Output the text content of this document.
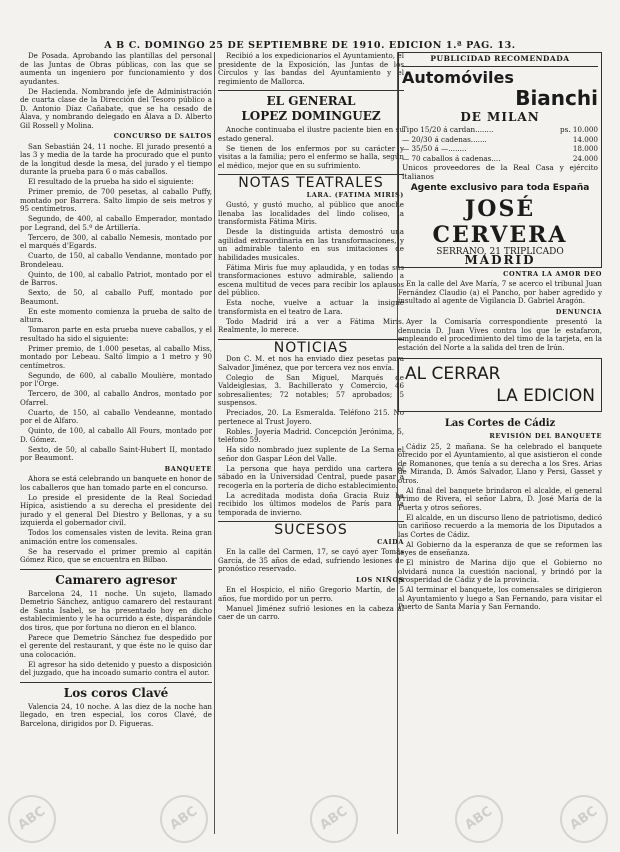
A B C. DOMINGO 25 DE SEPTIEMBRE DE 1910. EDICION 1.ª PAG. 13.

De Posada. Aprobando las plantillas del personal de las Juntas de Obras públicas, con las que se aumenta un ingeniero por funcionamiento y dos ayudantes.

De Hacienda. Nombrando jefe de Administración de cuarta clase de la Dirección del Tesoro público a D. Antonio Díaz Cañabate, que se ha cesado de Álava, y nombrando delegado en Álava a D. Alberto Gil Rossell y Molina.

CONCURSO DE SALTOS

San Sebastián 24, 11 noche. El jurado presentó a las 3 y media de la tarde ha procurado que el punto de la longitud desde la mesa, del jurado y el tiempo durante la prueba para 6 o más caballos.

El resultado de la prueba ha sido el siguiente:

Primer premio, de 700 pesetas, al caballo Puffy, montado por Barrera. Salto limpio de seis metros y 95 centímetros.

Segundo, de 400, al caballo Emperador, montado por Legrand, del 5.º de Artillería.

Tercero, de 300, al caballo Nemesis, montado por el marqués d'Egards.

Cuarto, de 150, al caballo Vendanne, montado por Brondeleau.

Quinto, de 100, al caballo Patriot, montado por el de Barros.

Sexto, de 50, al caballo Puff, montado por Beaumont.

En este momento comienza la prueba de salto de altura.

Tomaron parte en esta prueba nueve caballos, y el resultado ha sido el siguiente:

Primer premio, de 1.000 pesetas, al caballo Miss, montado por Lebeau. Saltó limpio a 1 metro y 90 centímetros.

Segundo, de 600, al caballo Moulière, montado por l'Orge.

Tercero, de 300, al caballo Andros, montado por Ofarrel.

Cuarto, de 150, al caballo Vendeanne, montado por el de Alfaro.

Quinto, de 100, al caballo All Fours, montado por D. Gómez.

Sexto, de 50, al caballo Saint-Hubert II, montado por Beaumont.

BANQUETE

Ahora se está celebrando un banquete en honor de los caballeros que han tomado parte en el concurso.

Lo preside el presidente de la Real Sociedad Hípica, asistiendo a su derecha el presidente del jurado y el general Del Diestro y Bellonas, y a su izquierda el gobernador civil.

Todos los comensales visten de levita. Reina gran animación entre los comensales.

Se ha reservado el primer premio al capitán Gómez Rico, que se encuentra en Bilbao.

Camarero agresor

Barcelona 24, 11 noche. Un sujeto, llamado Demetrio Sánchez, antiguo camarero del restaurant de Santa Isabel, se ha presentado hoy en dicho establecimiento y le ha ocurrido a éste, disparándole dos tiros, que por fortuna no dieron en el blanco.

Parece que Demetrio Sánchez fue despedido por el gerente del restaurant, y que éste no le quiso dar una colocación.

El agresor ha sido detenido y puesto a disposición del juzgado, que ha incoado sumario contra el autor.

Los coros Clavé

Valencia 24, 10 noche. A las diez de la noche han llegado, en tren especial, los coros Clavé, de Barcelona, dirigidos por D. Figueras.

Recibió a los expedicionarios el Ayuntamiento, el presidente de la Exposición, las Juntas de los Círculos y las bandas del Ayuntamiento y el regimiento de Mallorca.

EL GENERAL
LOPEZ DOMINGUEZ

Anoche continuaba el ilustre paciente bien en su estado general.

Se tienen de los enfermos por su carácter y visitas a la familia; pero el enfermo se halla, según el médico, mejor que en su sufrimiento.

NOTAS TEATRALES
LARA. (FATIMA MIRIS)

Gustó, y gustó mucho, al público que anoche llenaba las localidades del lindo coliseo, la transformista Fátima Miris.

Desde la distinguida artista demostró una agilidad extraordinaria en las transformaciones, y un admirable talento en sus imitaciones de habilidades musicales.

Fátima Miris fue muy aplaudida, y en todas sus transformaciones estuvo admirable, saliendo a escena multitud de veces para recibir los aplausos del público.

Esta noche, vuelve a actuar la insigne transformista en el teatro de Lara.

Todo Madrid irá a ver a Fátima Miris. Realmente, lo merece.

NOTICIAS

Don C. M. et nos ha enviado diez pesetas para Salvador Jiménez, que por tercera vez nos envía.

Colegio de San Miguel, Marqués de Valdeiglesias, 3. Bachillerato y Comercio, 46 sobresalientes; 72 notables; 57 aprobados; 5 suspensos.

Preciados, 20. La Esmeralda. Teléfono 215. No pertenece al Trust Joyero.

Robles. Joyería Madrid. Concepción Jerónima, 5, teléfono 59.

Ha sido nombrado juez suplente de La Serna el señor don Gaspar Léon del Valle.

La persona que haya perdido una cartera el sábado en la Universidad Central, puede pasar a recogerla en la portería de dicho establecimiento.

La acreditada modista doña Gracia Ruiz ha recibido los últimos modelos de París para la temporada de invierno.

SUCESOS
CAIDA

En la calle del Carmen, 17, se cayó ayer Tomás García, de 35 años de edad, sufriendo lesiones de pronóstico reservado.

LOS NIÑOS

En el Hospicio, el niño Gregorio Martín, de 5 años, fue mordido por un perro.

Manuel Jiménez sufrió lesiones en la cabeza al caer de un carro.

PUBLICIDAD RECOMENDADA
Automóviles
Bianchi
DE MILAN
Tipo 15/20 á cardan........	ps. 10.000
— 20/30 á cadenas.......	14.000
— 35/50 á —........	18.000
— 70 caballos á cadenas....	24.000

Unicos proveedores de la Real Casa y ejército italianos

Agente exclusivo para toda España
JOSÉ CERVERA
SERRANO, 21 TRIPLICADO
MADRID
CONTRA LA AMOR DEO

En la calle del Ave María, 7 se acerco el tribunal Juan Fernández Claudio (a) el Pancho, por haber agredido y insultado al agente de Vigilancia D. Gabriel Aragón.

DENUNCIA

Ayer la Comisaría correspondiente presentó la denuncia D. Juan Vives contra los que le estafaron, empleando el procedimiento del timo de la tarjeta, en la estación del Norte a la salida del tren de Irún.

AL CERRAR
LA EDICION
Las Cortes de Cádiz
REVISIÓN DEL BANQUETE

Cádiz 25, 2 mañana. Se ha celebrado el banquete ofrecido por el Ayuntamiento, al que asistieron el conde de Romanones, que tenía a su derecha a los Sres. Arias de Miranda, D. Amós Salvador, Llano y Persi, Gasset y otros.

Al final del banquete brindaron el alcalde, el general Primo de Rivera, el señor Labra, D. José María de la Puerta y otros señores.

El alcalde, en un discurso lleno de patriotismo, dedicó un cariñoso recuerdo a la memoria de los Diputados a las Cortes de Cádiz.

Al Gobierno da la esperanza de que se reformen las leyes de enseñanza.

El ministro de Marina dijo que el Gobierno no olvidará nunca la cuestión nacional, y brindó por la prosperidad de Cádiz y de la provincia.

Al terminar el banquete, los comensales se dirigieron al Ayuntamiento y luego a San Fernando, para visitar el Puerto de Santa María y San Fernando.

ABC	ABC	ABC	ABC	ABC
